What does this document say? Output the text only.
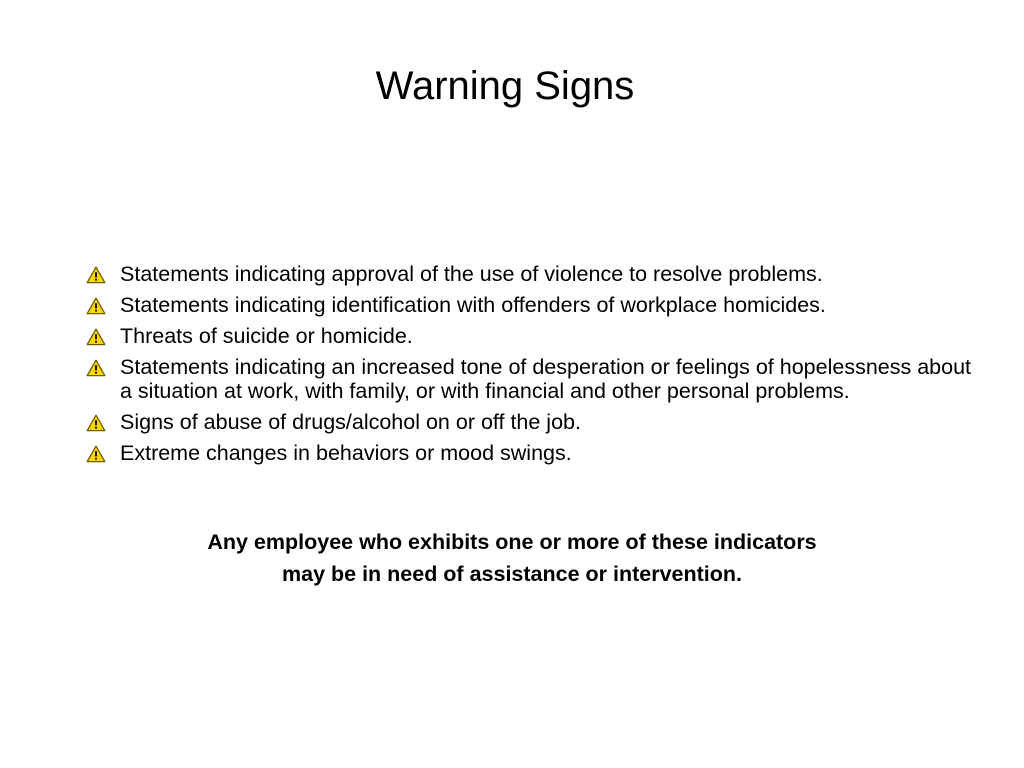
Warning Signs
Statements indicating approval of the use of violence to resolve problems.
Statements indicating identification with offenders of workplace homicides.
Threats of suicide or homicide.
Statements indicating an increased tone of desperation or feelings of hopelessness about a situation at work, with family, or with financial and other personal problems.
Signs of abuse of drugs/alcohol on or off the job.
Extreme changes in behaviors or mood swings.
Any employee who exhibits one or more of these indicators
may be in need of assistance or intervention.
